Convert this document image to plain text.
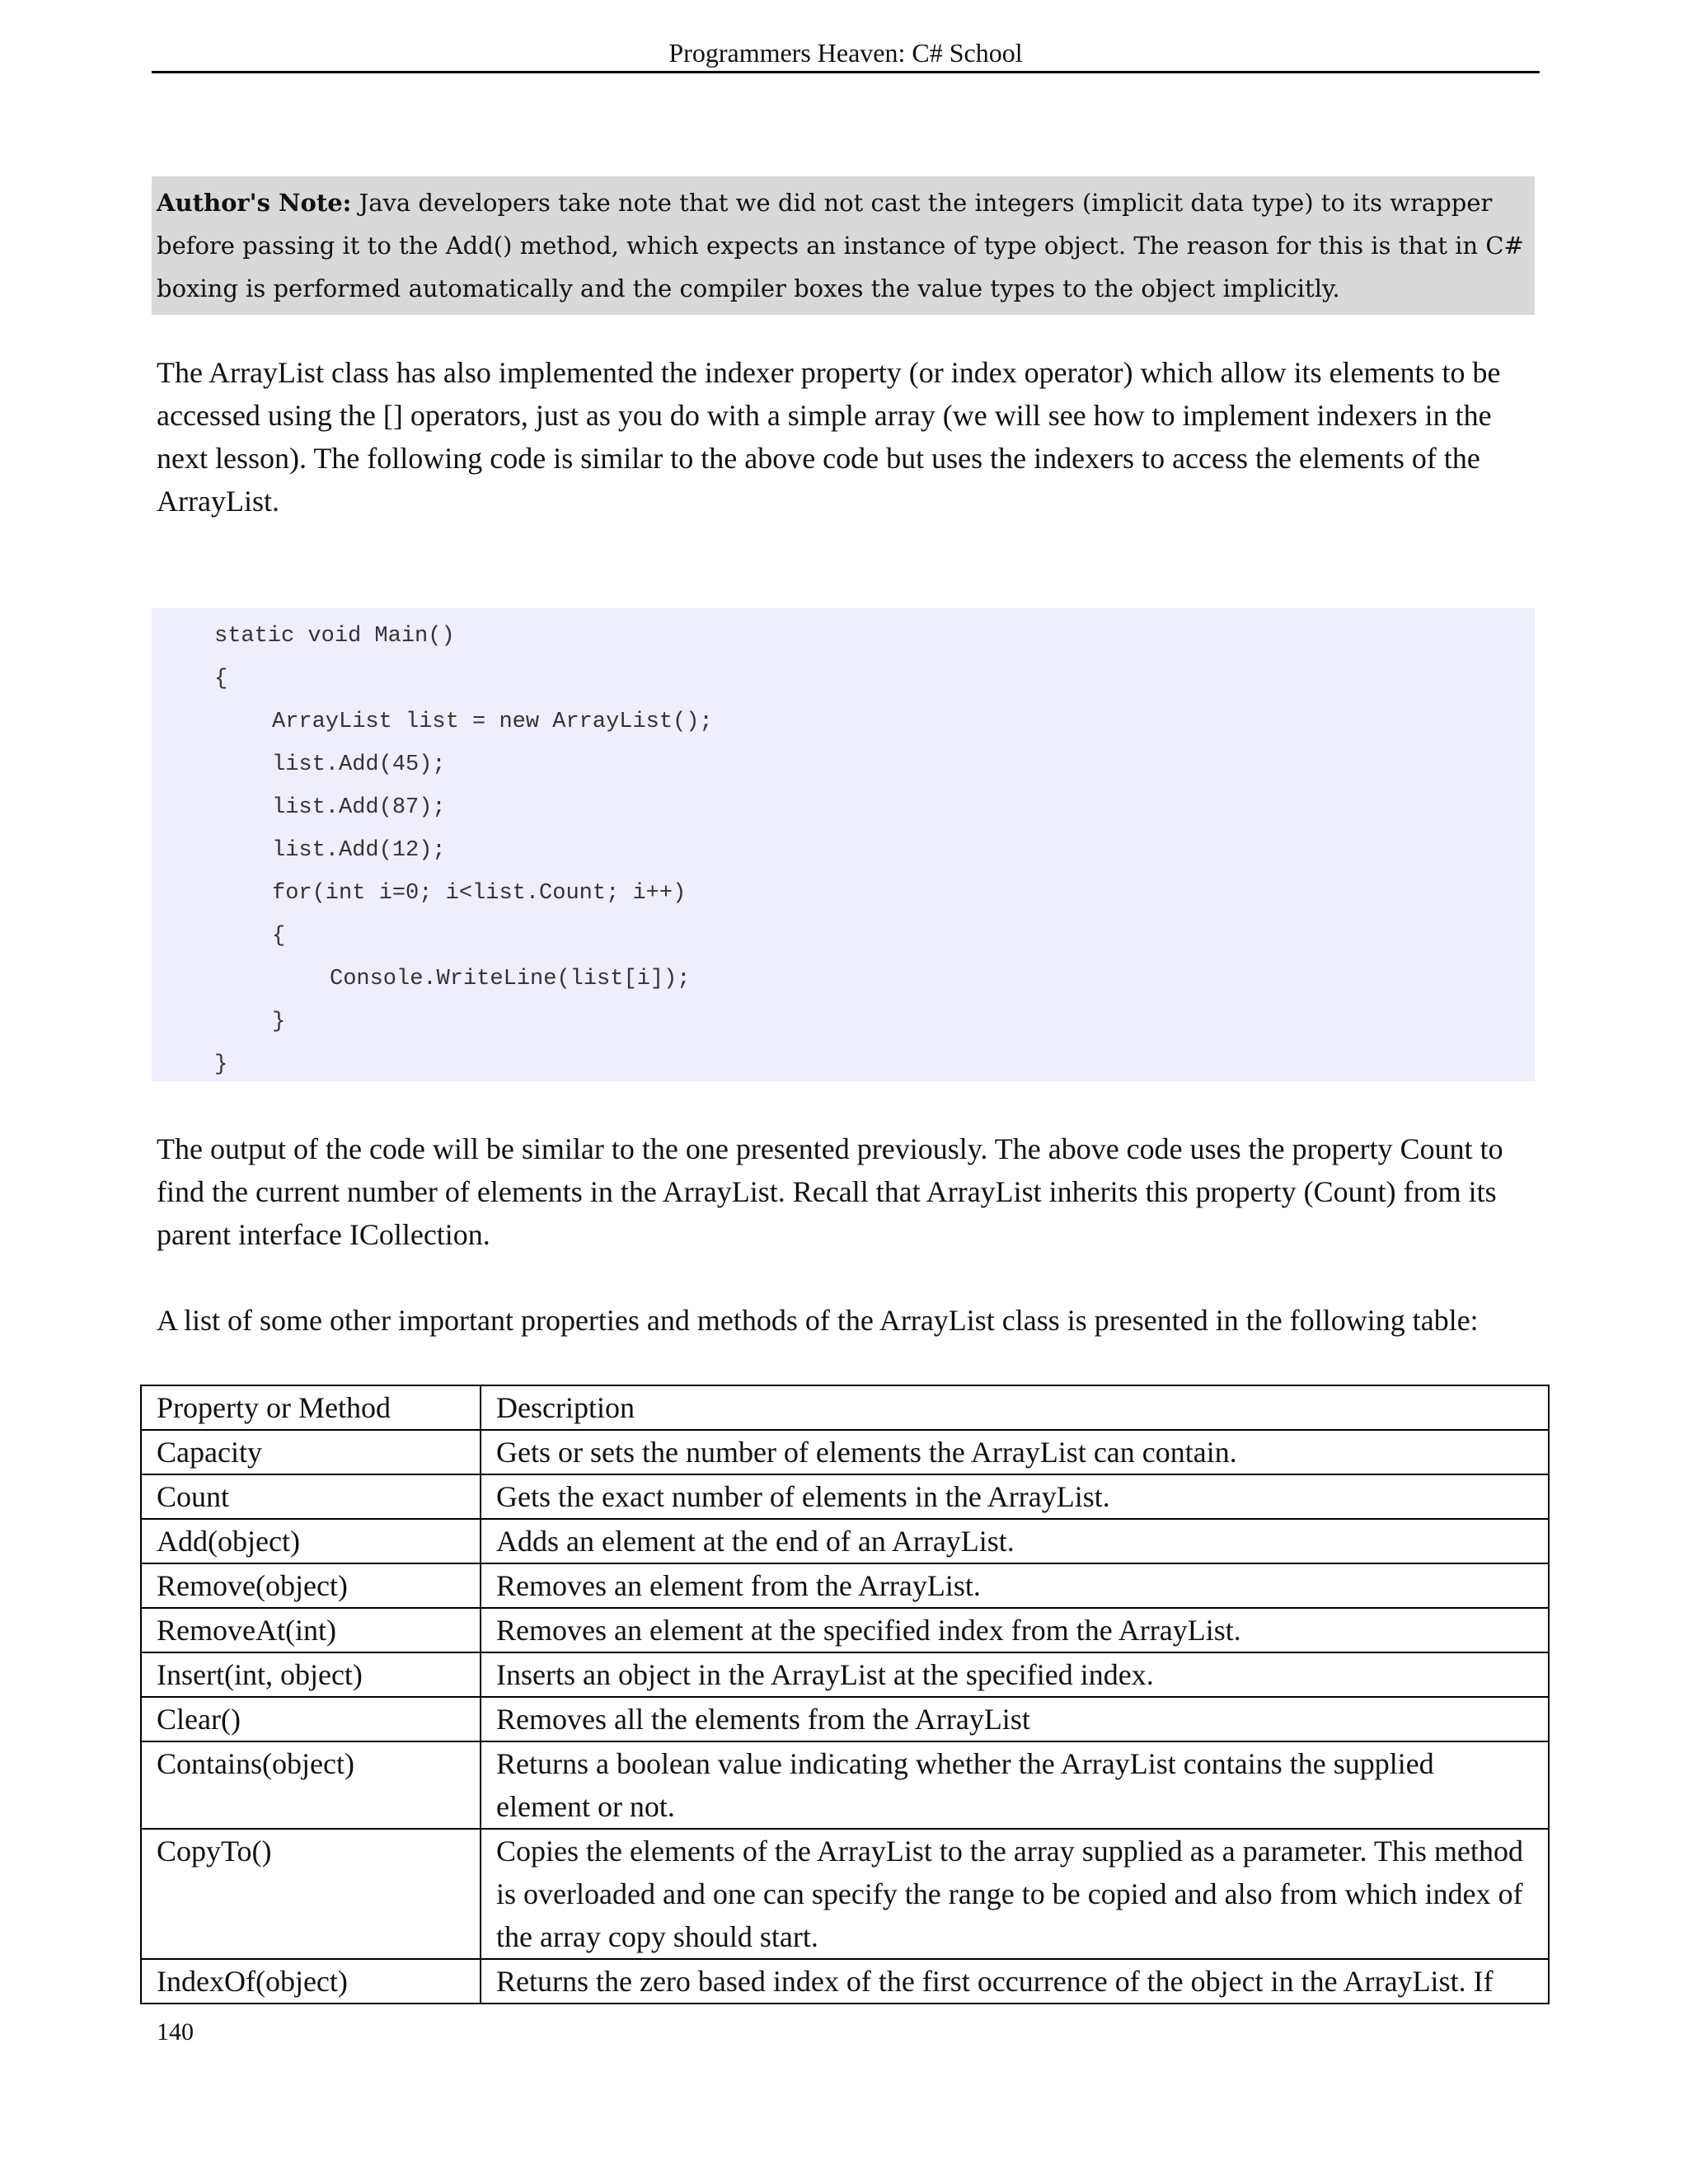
Programmers Heaven: C# School
Author's Note: Java developers take note that we did not cast the integers (implicit data type) to its wrapper before passing it to the Add() method, which expects an instance of type object. The reason for this is that in C# boxing is performed automatically and the compiler boxes the value types to the object implicitly.

The ArrayList class has also implemented the indexer property (or index operator) which allow its elements to be accessed using the [] operators, just as you do with a simple array (we will see how to implement indexers in the next lesson). The following code is similar to the above code but uses the indexers to access the elements of the ArrayList.

static void Main()
{
ArrayList list = new ArrayList();
list.Add(45);
list.Add(87);
list.Add(12);
for(int i=0; i<list.Count; i++)
{
Console.WriteLine(list[i]);
}
}

The output of the code will be similar to the one presented previously. The above code uses the property Count to find the current number of elements in the ArrayList. Recall that ArrayList inherits this property (Count) from its parent interface ICollection.

A list of some other important properties and methods of the ArrayList class is presented in the following table:

Property or Method	Description
Capacity	Gets or sets the number of elements the ArrayList can contain.
Count	Gets the exact number of elements in the ArrayList.
Add(object)	Adds an element at the end of an ArrayList.
Remove(object)	Removes an element from the ArrayList.
RemoveAt(int)	Removes an element at the specified index from the ArrayList.
Insert(int, object)	Inserts an object in the ArrayList at the specified index.
Clear()	Removes all the elements from the ArrayList
Contains(object)	Returns a boolean value indicating whether the ArrayList contains the supplied element or not.
CopyTo()	Copies the elements of the ArrayList to the array supplied as a parameter. This method is overloaded and one can specify the range to be copied and also from which index of the array copy should start.
IndexOf(object)	Returns the zero based index of the first occurrence of the object in the ArrayList. If
140
